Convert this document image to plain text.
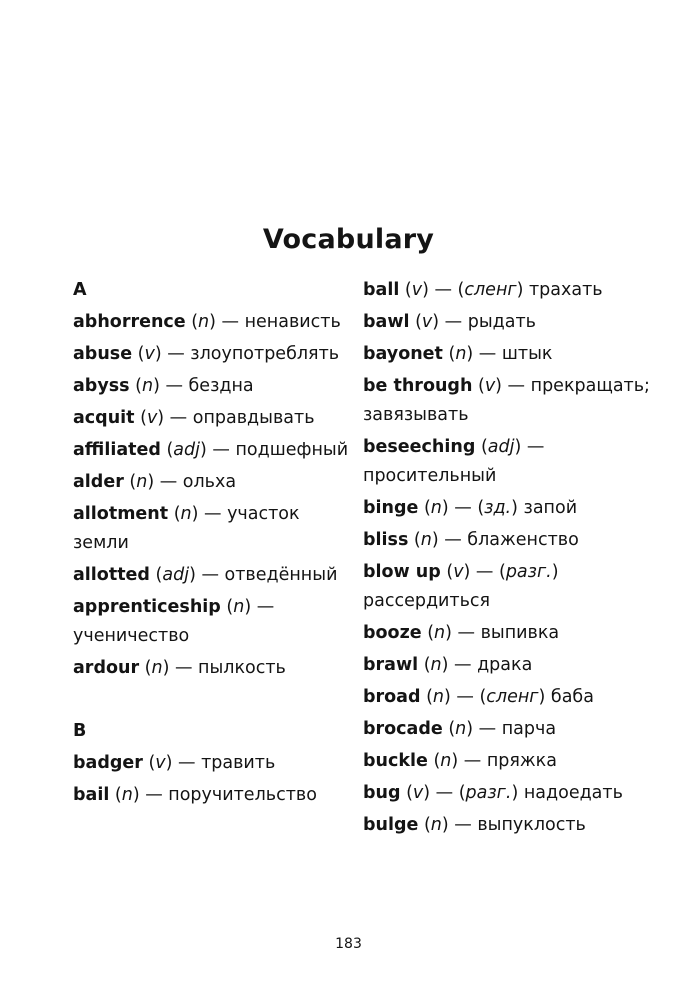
Vocabulary
A
abhorrence (n) — ненависть
abuse (v) — злоупотреблять
abyss (n) — бездна
acquit (v) — оправдывать
affiliated (adj) — подшефный
alder (n) — ольха
allotment (n) — участок земли
allotted (adj) — отведённый
apprenticeship (n) — ученичество
ardour (n) — пылкость
B
badger (v) — травить
bail (n) — поручительство
ball (v) — (сленг) трахать
bawl (v) — рыдать
bayonet (n) — штык
be through (v) — прекращать; завязывать
beseeching (adj) — просительный
binge (n) — (зд.) запой
bliss (n) — блаженство
blow up (v) — (разг.) рассердиться
booze (n) — выпивка
brawl (n) — драка
broad (n) — (сленг) баба
brocade (n) — парча
buckle (n) — пряжка
bug (v) — (разг.) надоедать
bulge (n) — выпуклость
183
